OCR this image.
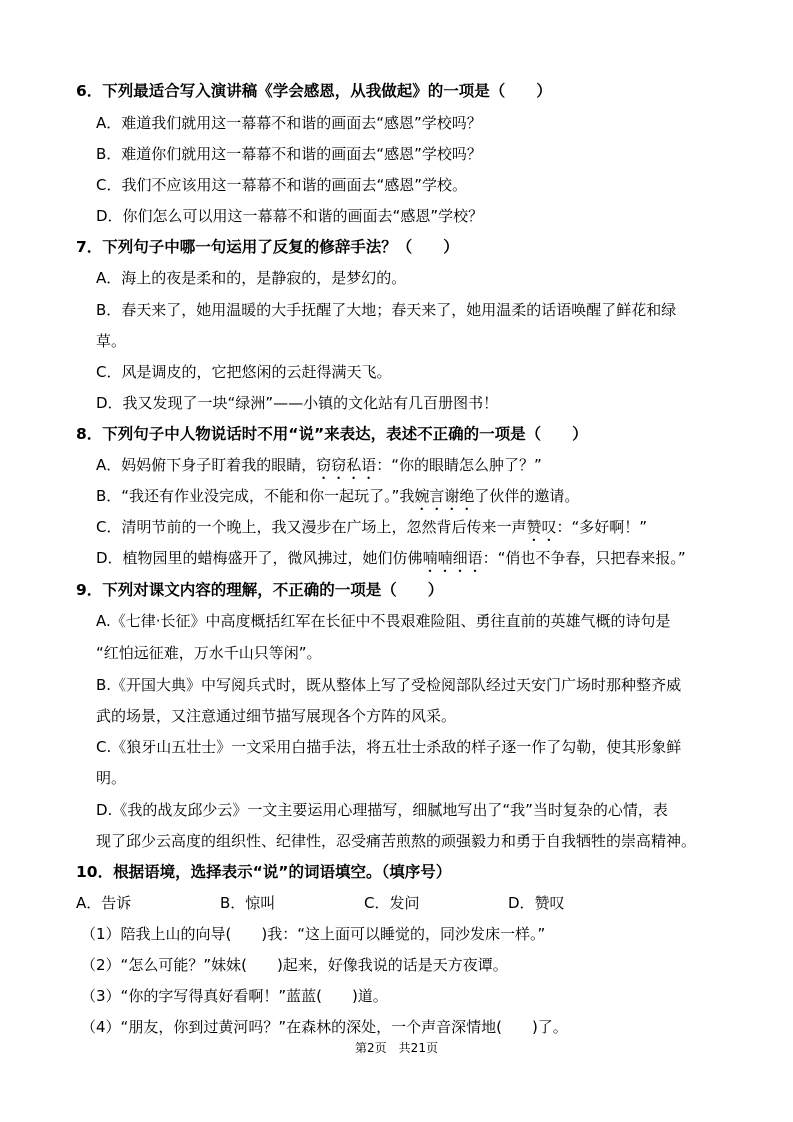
6．下列最适合写入演讲稿《学会感恩，从我做起》的一项是（　　）
A．难道我们就用这一幕幕不和谐的画面去“感恩”学校吗？
B．难道你们就用这一幕幕不和谐的画面去“感恩”学校吗？
C．我们不应该用这一幕幕不和谐的画面去“感恩”学校。
D．你们怎么可以用这一幕幕不和谐的画面去“感恩”学校？
7．下列句子中哪一句运用了反复的修辞手法？（　　）
A．海上的夜是柔和的，是静寂的，是梦幻的。
B．春天来了，她用温暖的大手抚醒了大地；春天来了，她用温柔的话语唤醒了鲜花和绿
草。
C．风是调皮的，它把悠闲的云赶得满天飞。
D．我又发现了一块“绿洲”——小镇的文化站有几百册图书！
8．下列句子中人物说话时不用“说”来表达，表述不正确的一项是（　　）
A．妈妈俯下身子盯着我的眼睛，窃窃私语：“你的眼睛怎么肿了？”
B．“我还有作业没完成，不能和你一起玩了。”我婉言谢绝了伙伴的邀请。
C．清明节前的一个晚上，我又漫步在广场上，忽然背后传来一声赞叹：“多好啊！”
D．植物园里的蜡梅盛开了，微风拂过，她们仿佛喃喃细语：“俏也不争春，只把春来报。”
9．下列对课文内容的理解，不正确的一项是（　　）
A.《七律·长征》中高度概括红军在长征中不畏艰难险阻、勇往直前的英雄气概的诗句是
“红怕远征难，万水千山只等闲”。
B.《开国大典》中写阅兵式时，既从整体上写了受检阅部队经过天安门广场时那种整齐威
武的场景，又注意通过细节描写展现各个方阵的风采。
C.《狼牙山五壮士》一文采用白描手法，将五壮士杀敌的样子逐一作了勾勒，使其形象鲜
明。
D.《我的战友邱少云》一文主要运用心理描写，细腻地写出了“我”当时复杂的心情，表
现了邱少云高度的组织性、纪律性，忍受痛苦煎熬的顽强毅力和勇于自我牺牲的崇高精神。
10．根据语境，选择表示“说”的词语填空。（填序号）

A．告诉

	B．惊叫

	C．发问

	D．赞叹

（1）陪我上山的向导(　　)我：“这上面可以睡觉的，同沙发床一样。”
（2）“怎么可能？”妹妹(　　)起来，好像我说的话是天方夜谭。
（3）“你的字写得真好看啊！”蓝蓝(　　)道。
（4）“朋友，你到过黄河吗？”在森林的深处，一个声音深情地(　　)了。
第2页　共21页
